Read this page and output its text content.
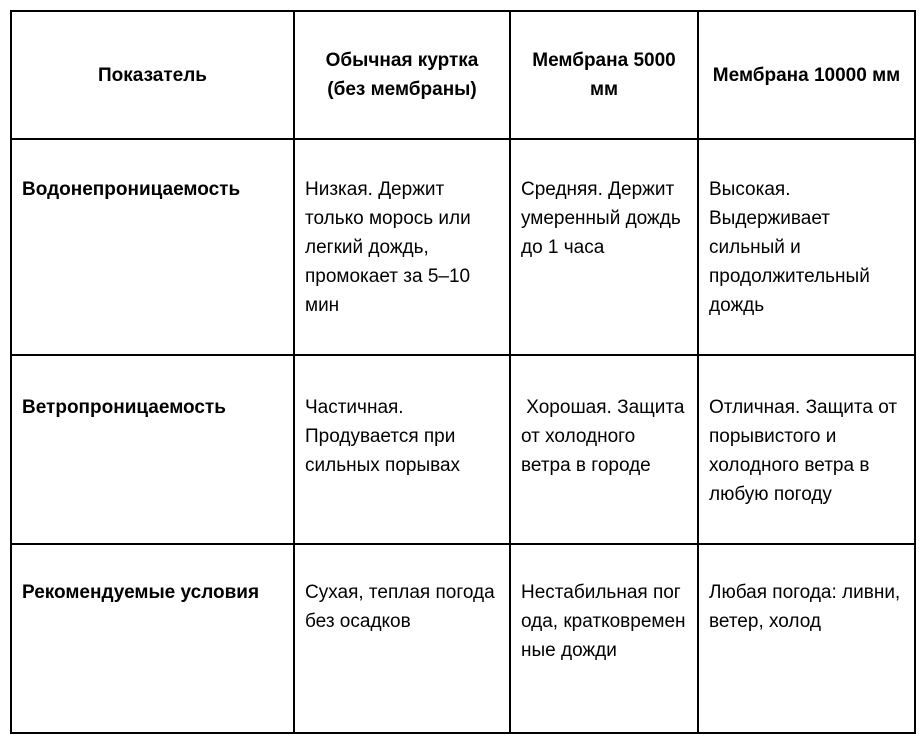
Показатель	Обычная куртка (без мембраны)	Мембрана 5000 мм	Мембрана 10000 мм
Водонепроницаемость	Низкая. Держит только морось или легкий дождь, промокает за 5–10 мин	Средняя. Держит умеренный дождь до 1 часа	Высокая. Выдерживает сильный и продолжительный дождь
Ветропроницаемость	Частичная. Продувается при сильных порывах	Хорошая. Защита от холодного ветра в городе	Отличная. Защита от порывистого и холодного ветра в любую погоду
Рекомендуемые условия	Сухая, теплая погода без осадков	Нестабильная погода, кратковременные дожди	Любая погода: ливни, ветер, холод
